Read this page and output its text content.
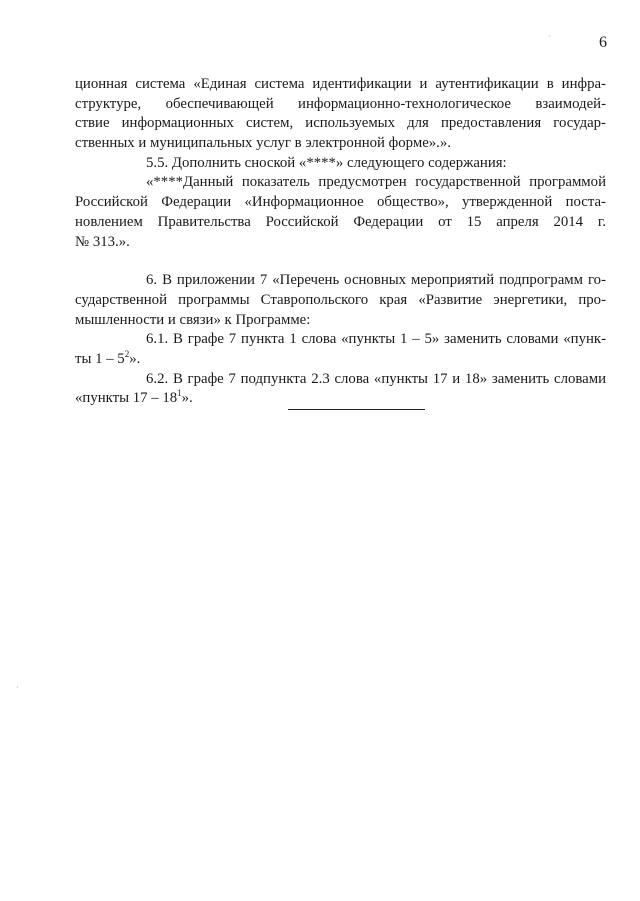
6

ционная система «Единая система идентификации и аутентификации в инфра-
структуре, обеспечивающей информационно-технологическое взаимодей-
ствие информационных систем, используемых для предоставления государ-
ственных и муниципальных услуг в электронной форме».».

5.5. Дополнить сноской «****» следующего содержания:

«****Данный показатель предусмотрен государственной программой
Российской Федерации «Информационное общество», утвержденной поста-
новлением Правительства Российской Федерации от 15 апреля 2014 г.
№ 313.».

6. В приложении 7 «Перечень основных мероприятий подпрограмм го-
сударственной программы Ставропольского края «Развитие энергетики, про-
мышленности и связи» к Программе:

6.1. В графе 7 пункта 1 слова «пункты 1 – 5» заменить словами «пунк-
ты $1 - 5^2$».

6.2. В графе 7 подпункта 2.3 слова «пункты 17 и 18» заменить словами
«пункты $17 - 18^1$».

·
·
